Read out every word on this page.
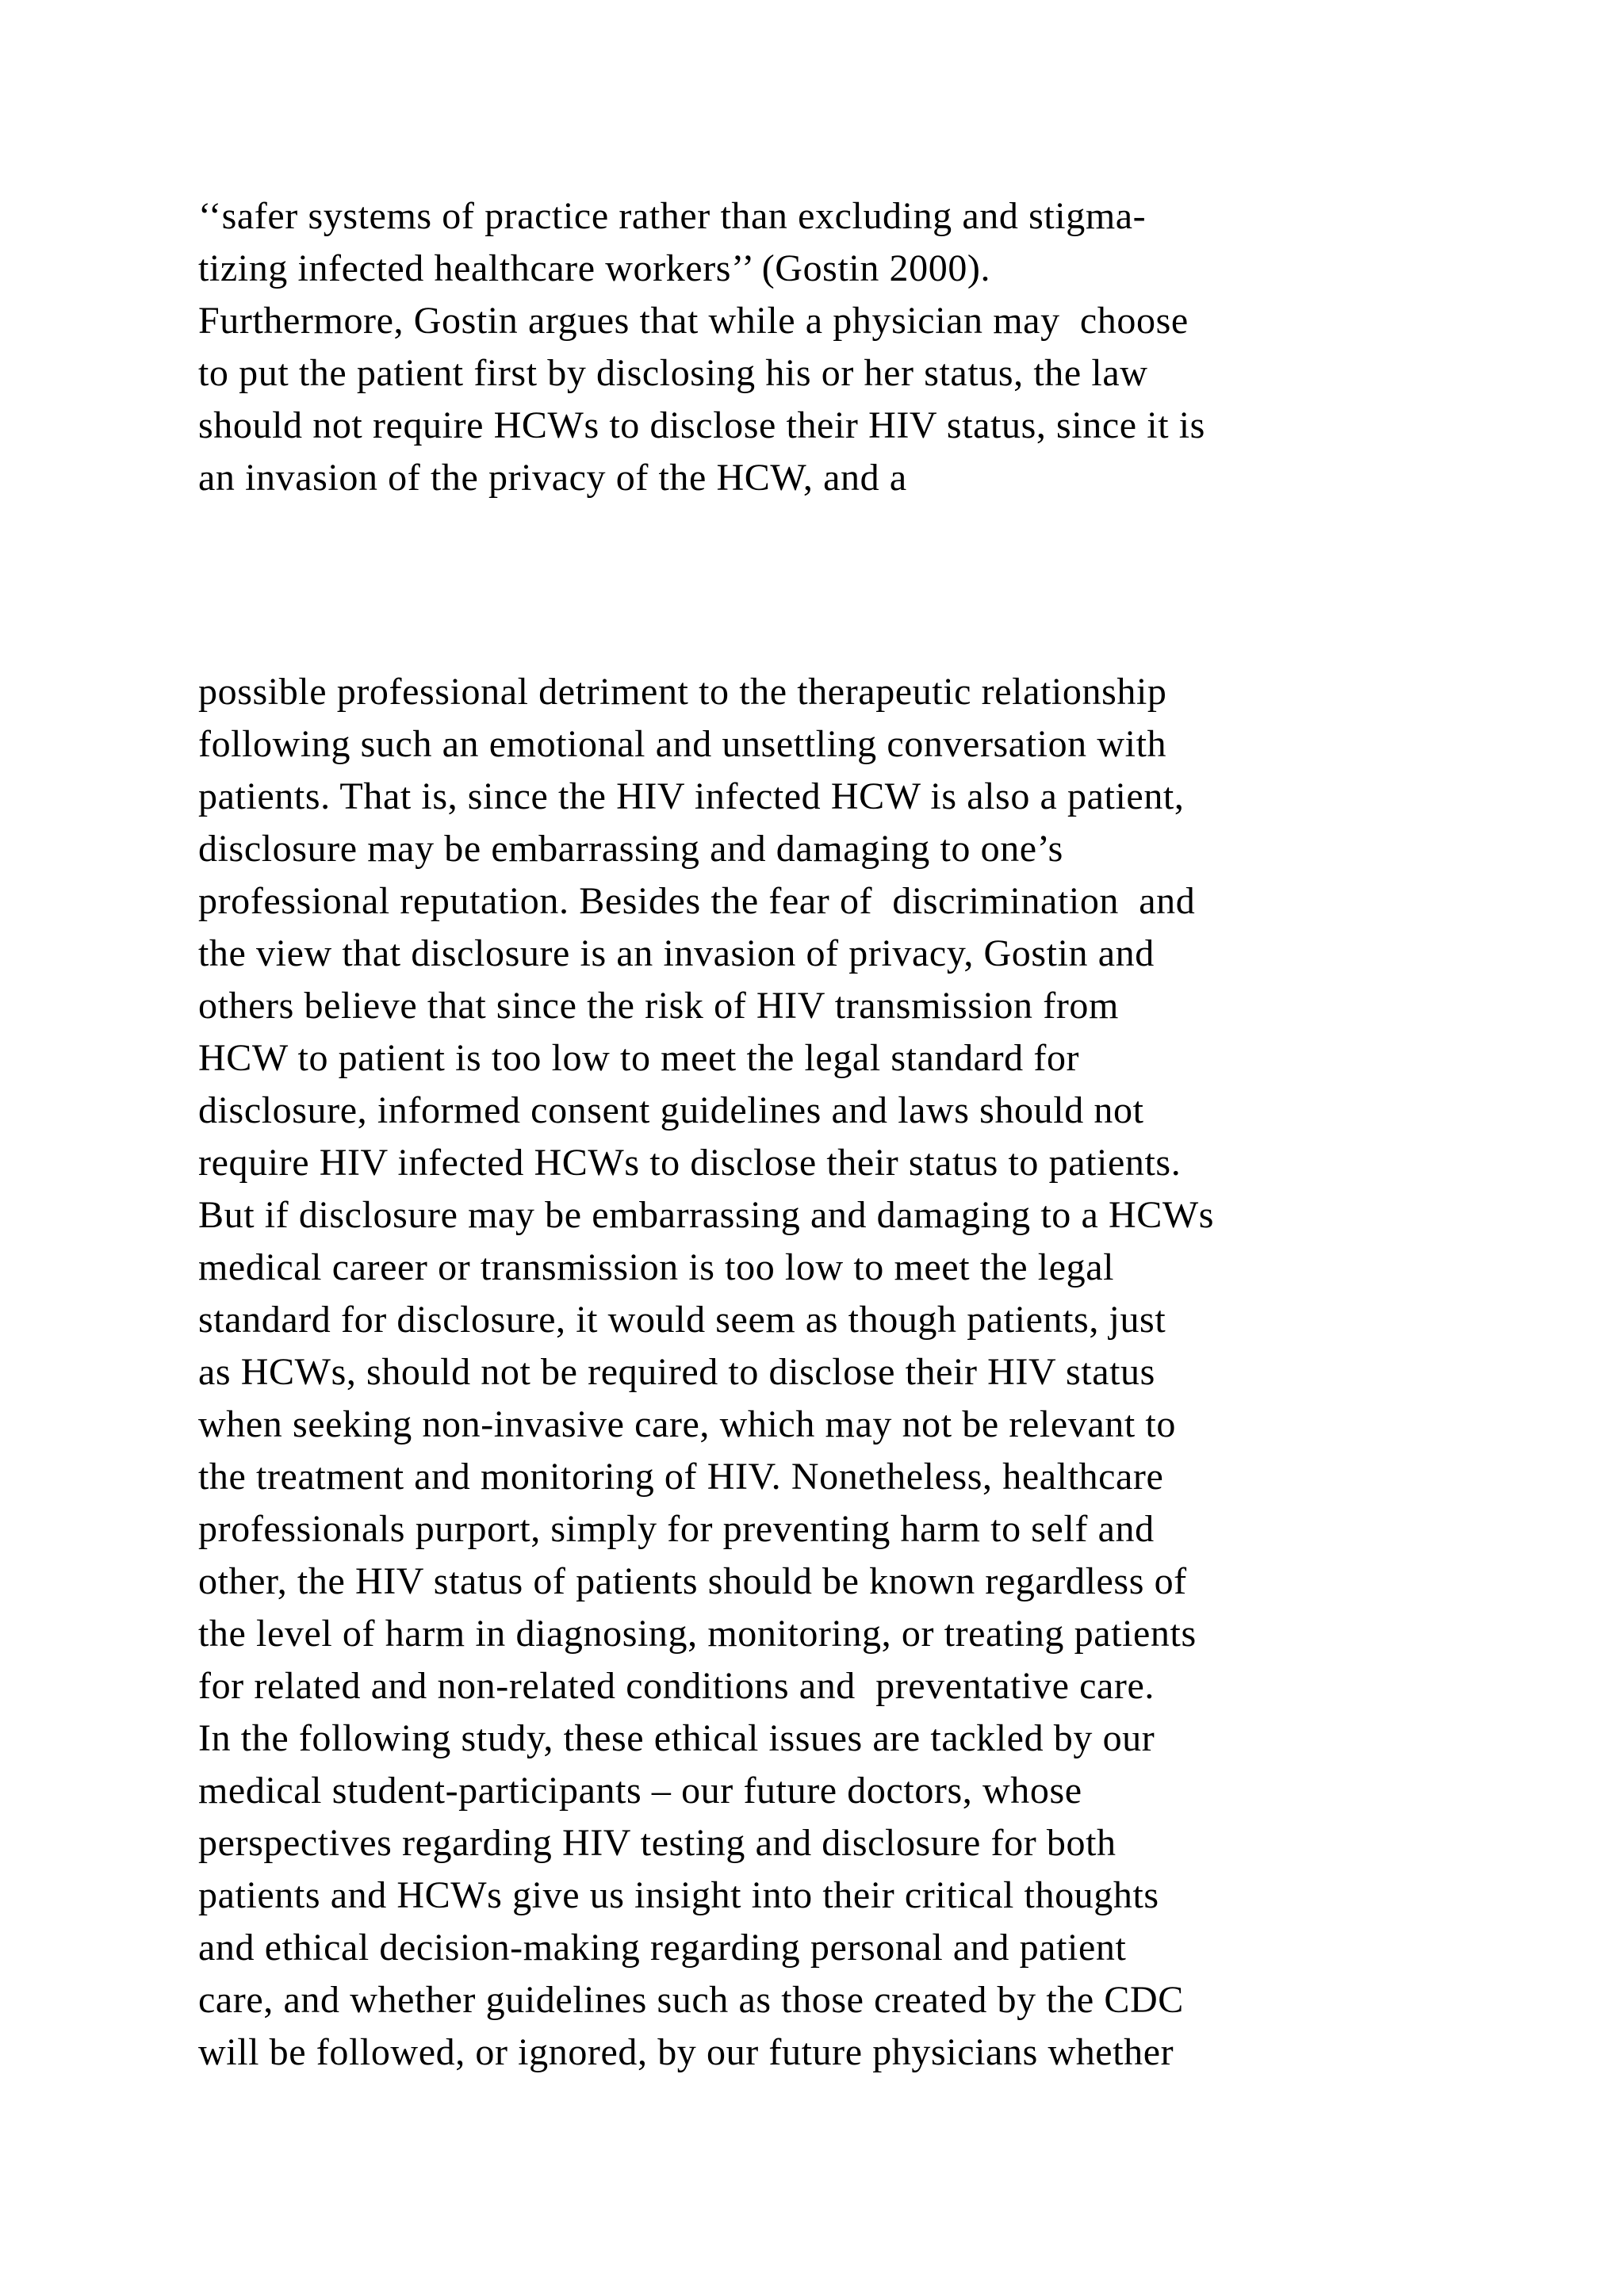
‘‘safer systems of practice rather than excluding and stigma-
tizing infected healthcare workers’’ (Gostin 2000).
Furthermore, Gostin argues that while a physician may  choose
to put the patient first by disclosing his or her status, the law
should not require HCWs to disclose their HIV status, since it is
an invasion of the privacy of the HCW, and a
possible professional detriment to the therapeutic relationship
following such an emotional and unsettling conversation with
patients. That is, since the HIV infected HCW is also a patient,
disclosure may be embarrassing and damaging to one’s
professional reputation. Besides the fear of  discrimination  and
the view that disclosure is an invasion of privacy, Gostin and
others believe that since the risk of HIV transmission from
HCW to patient is too low to meet the legal standard for
disclosure, informed consent guidelines and laws should not
require HIV infected HCWs to disclose their status to patients.
But if disclosure may be embarrassing and damaging to a HCWs
medical career or transmission is too low to meet the legal
standard for disclosure, it would seem as though patients, just
as HCWs, should not be required to disclose their HIV status
when seeking non-invasive care, which may not be relevant to
the treatment and monitoring of HIV. Nonetheless, healthcare
professionals purport, simply for preventing harm to self and
other, the HIV status of patients should be known regardless of
the level of harm in diagnosing, monitoring, or treating patients
for related and non-related conditions and  preventative care.
In the following study, these ethical issues are tackled by our
medical student-participants – our future doctors, whose
perspectives regarding HIV testing and disclosure for both
patients and HCWs give us insight into their critical thoughts
and ethical decision-making regarding personal and patient
care, and whether guidelines such as those created by the CDC
will be followed, or ignored, by our future physicians whether
